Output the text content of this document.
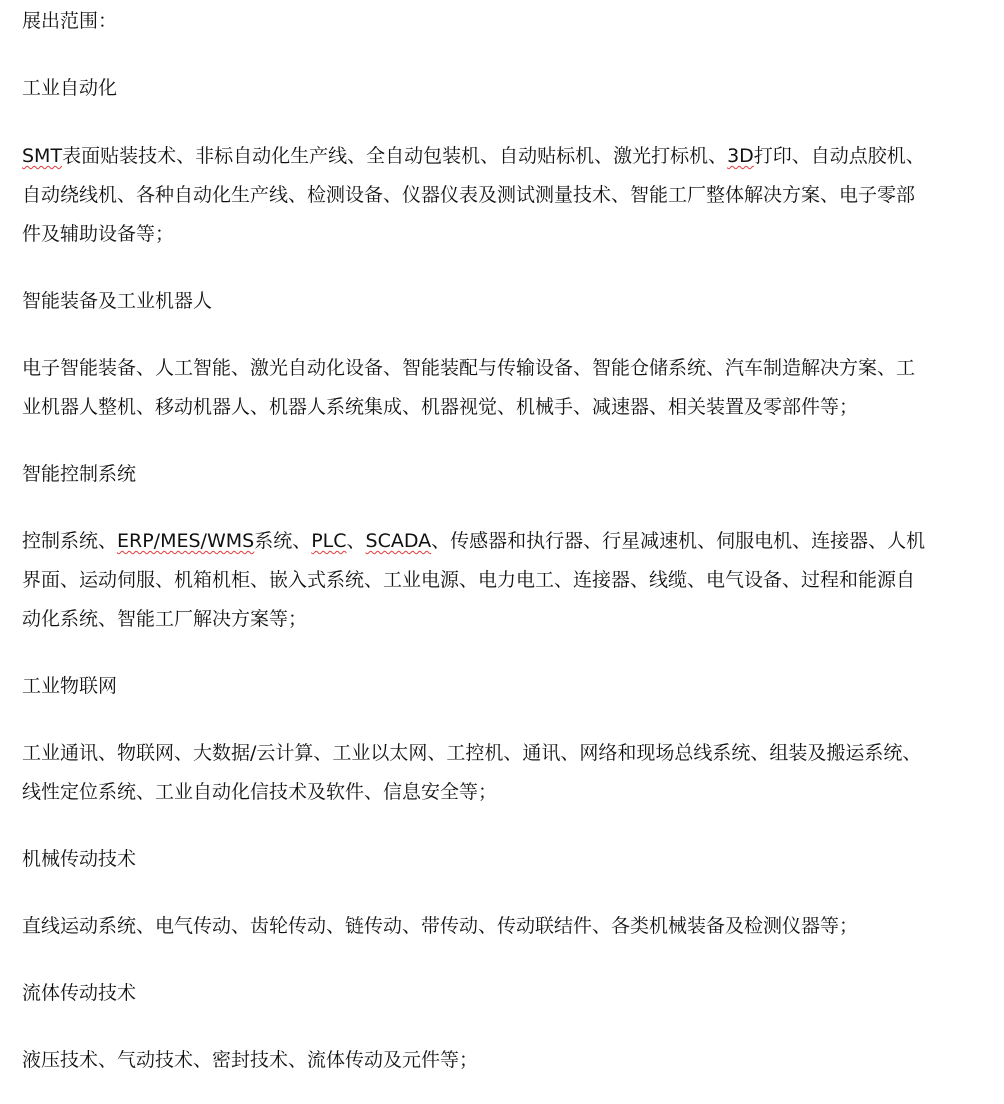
展出范围：
工业自动化
SMT表面贴装技术、非标自动化生产线、全自动包装机、自动贴标机、激光打标机、3D打印、自动点胶机、
自动绕线机、各种自动化生产线、检测设备、仪器仪表及测试测量技术、智能工厂整体解决方案、电子零部
件及辅助设备等；
智能装备及工业机器人
电子智能装备、人工智能、激光自动化设备、智能装配与传输设备、智能仓储系统、汽车制造解决方案、工
业机器人整机、移动机器人、机器人系统集成、机器视觉、机械手、减速器、相关装置及零部件等；
智能控制系统
控制系统、ERP/MES/WMS系统、PLC、SCADA、传感器和执行器、行星减速机、伺服电机、连接器、人机
界面、运动伺服、机箱机柜、嵌入式系统、工业电源、电力电工、连接器、线缆、电气设备、过程和能源自
动化系统、智能工厂解决方案等；
工业物联网
工业通讯、物联网、大数据/云计算、工业以太网、工控机、通讯、网络和现场总线系统、组装及搬运系统、
线性定位系统、工业自动化信技术及软件、信息安全等；
机械传动技术
直线运动系统、电气传动、齿轮传动、链传动、带传动、传动联结件、各类机械装备及检测仪器等；
流体传动技术
液压技术、气动技术、密封技术、流体传动及元件等；
